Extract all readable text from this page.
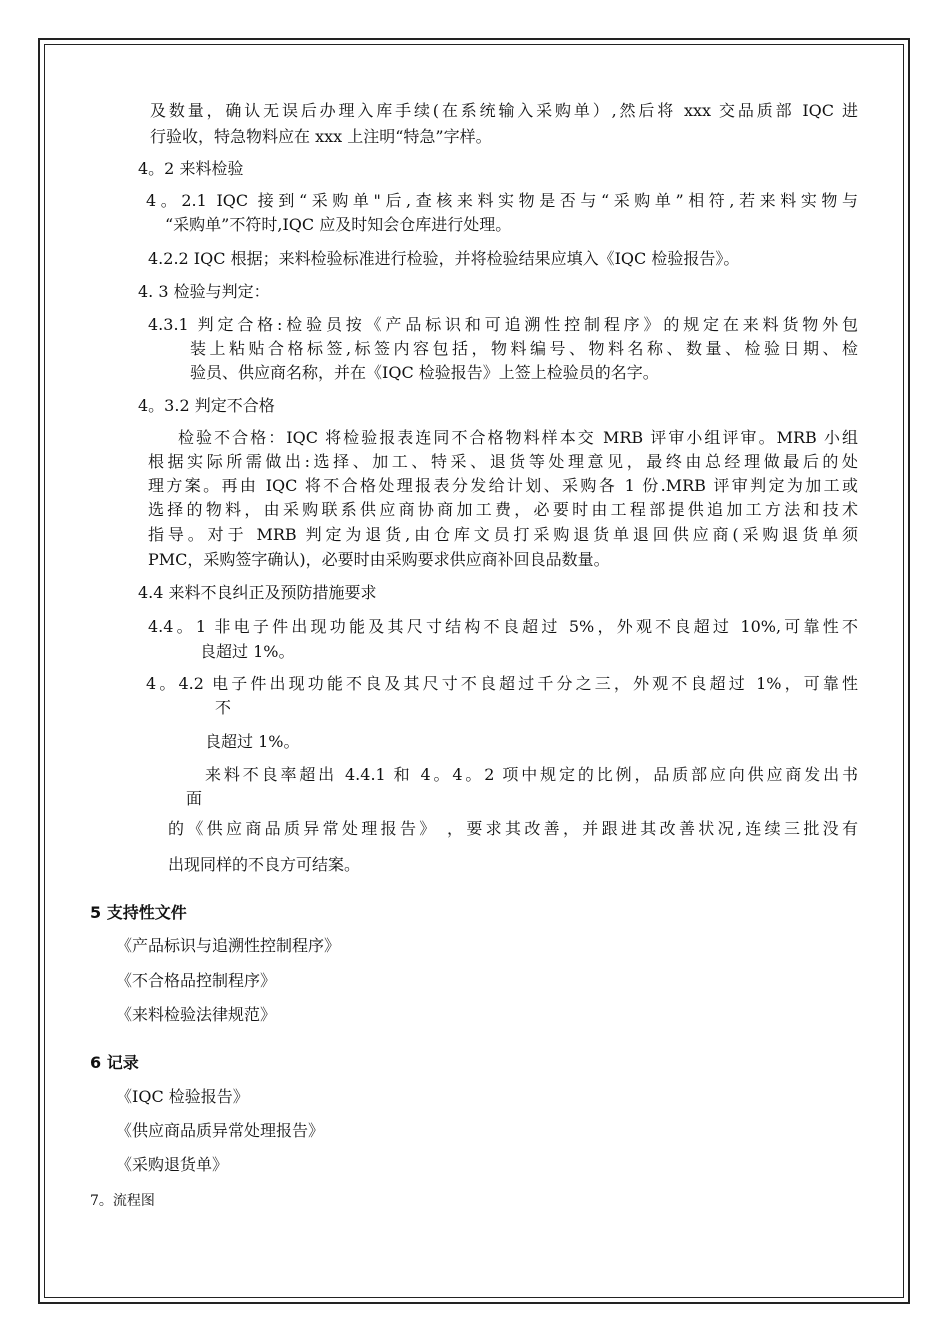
及数量，确认无误后办理入库手续(在系统输入采购单）,然后将 xxx 交品质部 IQC 进
行验收，特急物料应在 xxx 上注明“特急”字样。
4。2 来料检验
4。2.1 IQC 接到“采购单"后,查核来料实物是否与“采购单”相符,若来料实物与
“采购单”不符时,IQC 应及时知会仓库进行处理。
4.2.2 IQC 根据；来料检验标准进行检验，并将检验结果应填入《IQC 检验报告》。
4. 3 检验与判定：
4.3.1 判定合格:检验员按《产品标识和可追溯性控制程序》的规定在来料货物外包
装上粘贴合格标签,标签内容包括，物料编号、物料名称、数量、检验日期、检
验员、供应商名称，并在《IQC 检验报告》上签上检验员的名字。
4。3.2 判定不合格
检验不合格：IQC 将检验报表连同不合格物料样本交 MRB 评审小组评审。MRB 小组
根据实际所需做出:选择、加工、特采、退货等处理意见，最终由总经理做最后的处
理方案。再由 IQC 将不合格处理报表分发给计划、采购各 1 份.MRB 评审判定为加工或
选择的物料，由采购联系供应商协商加工费，必要时由工程部提供追加工方法和技术
指导。对于 MRB 判定为退货,由仓库文员打采购退货单退回供应商(采购退货单须
PMC，采购签字确认)，必要时由采购要求供应商补回良品数量。
4.4 来料不良纠正及预防措施要求
4.4。1 非电子件出现功能及其尺寸结构不良超过 5%，外观不良超过 10%,可靠性不
良超过 1%。
4。4.2 电子件出现功能不良及其尺寸不良超过千分之三，外观不良超过 1%，可靠性
不
良超过 1%。
来料不良率超出 4.4.1 和 4。4。2 项中规定的比例，品质部应向供应商发出书
面
的《供应商品质异常处理报告》 ，要求其改善，并跟进其改善状况,连续三批没有
出现同样的不良方可结案。
5 支持性文件
《产品标识与追溯性控制程序》
《不合格品控制程序》
《来料检验法律规范》
6 记录
《IQC 检验报告》
《供应商品质异常处理报告》
《采购退货单》
7。流程图
